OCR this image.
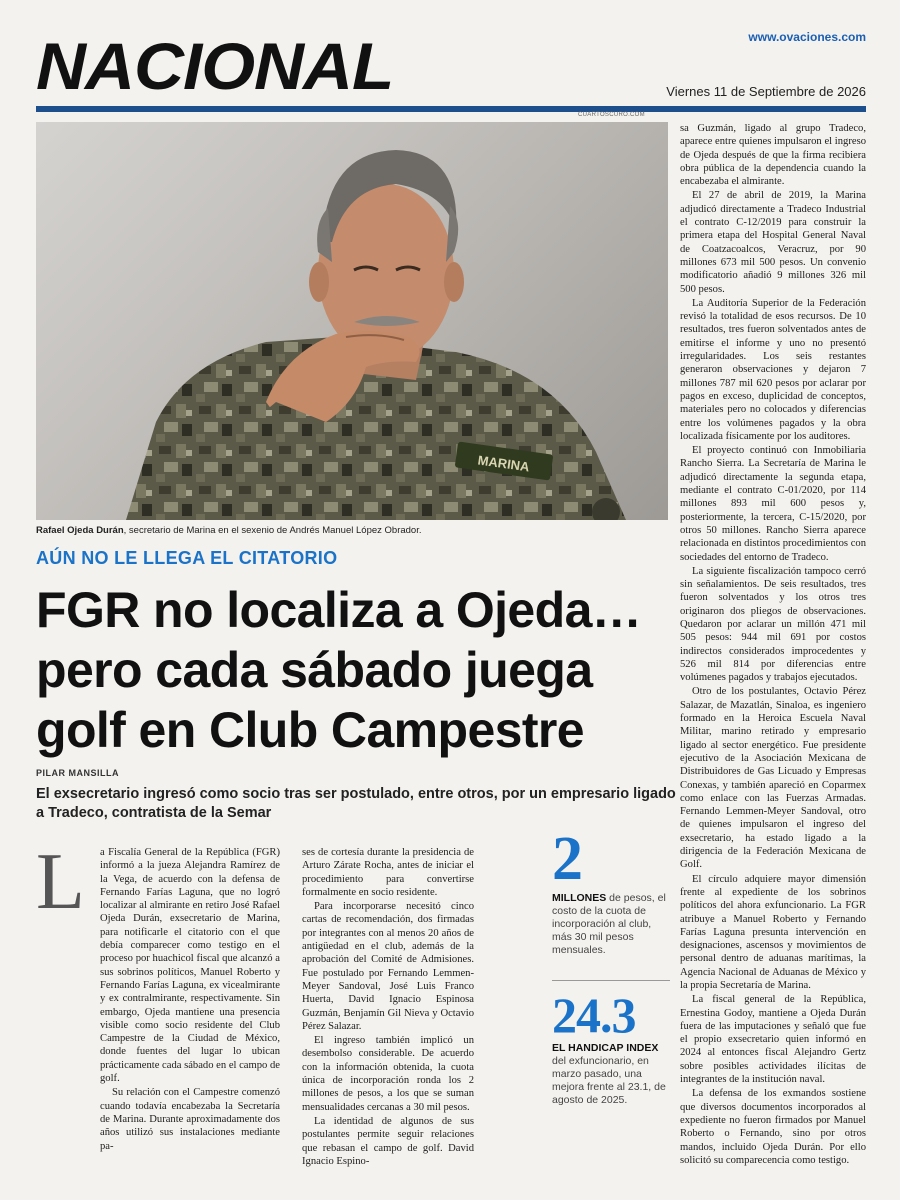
NACIONAL	www.ovaciones.com
Viernes 11 de Septiembre de 2026
CUARTOSCURO.COM
MARINA
Rafael Ojeda Durán, secretario de Marina en el sexenio de Andrés Manuel López Obrador.
AÚN NO LE LLEGA EL CITATORIO
FGR no localiza a Ojeda… pero cada sábado juega golf en Club Campestre
PILAR MANSILLA
El exsecretario ingresó como socio tras ser postulado, entre otros, por un empresario ligado a Tradeco, contratista de la Semar
L a Fiscalía General de la República (FGR) informó a la jueza Alejandra Ramírez de la Vega, de acuerdo con la defensa de Fernando Farías Laguna, que no logró localizar al almirante en retiro José Rafael Ojeda Durán, exsecretario de Marina, para notificarle el citatorio con el que debía comparecer como testigo en el proceso por huachicol fiscal que alcanzó a sus sobrinos políticos, Manuel Roberto y Fernando Farías Laguna, ex vicealmirante y ex contralmirante, respectivamente. Sin embargo, Ojeda mantiene una presencia visible como socio residente del Club Campestre de la Ciudad de México, donde fuentes del lugar lo ubican prácticamente cada sábado en el campo de golf.

Su relación con el Campestre comenzó cuando todavía encabezaba la Secretaría de Marina. Durante aproximadamente dos años utilizó sus instalaciones mediante pa-

ses de cortesía durante la presidencia de Arturo Zárate Rocha, antes de iniciar el procedimiento para convertirse formalmente en socio residente.

Para incorporarse necesitó cinco cartas de recomendación, dos firmadas por integrantes con al menos 20 años de antigüedad en el club, además de la aprobación del Comité de Admisiones. Fue postulado por Fernando Lemmen-Meyer Sandoval, José Luis Franco Huerta, David Ignacio Espinosa Guzmán, Benjamín Gil Nieva y Octavio Pérez Salazar.

El ingreso también implicó un desembolso considerable. De acuerdo con la información obtenida, la cuota única de incorporación ronda los 2 millones de pesos, a los que se suman mensualidades cercanas a 30 mil pesos.

La identidad de algunos de sus postulantes permite seguir relaciones que rebasan el campo de golf. David Ignacio Espino-

sa Guzmán, ligado al grupo Tradeco, aparece entre quienes impulsaron el ingreso de Ojeda después de que la firma recibiera obra pública de la dependencia cuando la encabezaba el almirante.

El 27 de abril de 2019, la Marina adjudicó directamente a Tradeco Industrial el contrato C-12/2019 para construir la primera etapa del Hospital General Naval de Coatzacoalcos, Veracruz, por 90 millones 673 mil 500 pesos. Un convenio modificatorio añadió 9 millones 326 mil 500 pesos.

La Auditoría Superior de la Federación revisó la totalidad de esos recursos. De 10 resultados, tres fueron solventados antes de emitirse el informe y uno no presentó irregularidades. Los seis restantes generaron observaciones y dejaron 7 millones 787 mil 620 pesos por aclarar por pagos en exceso, duplicidad de conceptos, materiales pero no colocados y diferencias entre los volúmenes pagados y la obra localizada físicamente por los auditores.

El proyecto continuó con Inmobiliaria Rancho Sierra. La Secretaría de Marina le adjudicó directamente la segunda etapa, mediante el contrato C-01/2020, por 114 millones 893 mil 600 pesos y, posteriormente, la tercera, C-15/2020, por otros 50 millones. Rancho Sierra aparece relacionada en distintos procedimientos con sociedades del entorno de Tradeco.

La siguiente fiscalización tampoco cerró sin señalamientos. De seis resultados, tres fueron solventados y los otros tres originaron dos pliegos de observaciones. Quedaron por aclarar un millón 471 mil 505 pesos: 944 mil 691 por costos indirectos considerados improcedentes y 526 mil 814 por diferencias entre volúmenes pagados y trabajos ejecutados.

Otro de los postulantes, Octavio Pérez Salazar, de Mazatlán, Sinaloa, es ingeniero formado en la Heroica Escuela Naval Militar, marino retirado y empresario ligado al sector energético. Fue presidente ejecutivo de la Asociación Mexicana de Distribuidores de Gas Licuado y Empresas Conexas, y también apareció en Coparmex como enlace con las Fuerzas Armadas. Fernando Lemmen-Meyer Sandoval, otro de quienes impulsaron el ingreso del exsecretario, ha estado ligado a la dirigencia de la Federación Mexicana de Golf.

El círculo adquiere mayor dimensión frente al expediente de los sobrinos políticos del ahora exfuncionario. La FGR atribuye a Manuel Roberto y Fernando Farías Laguna presunta intervención en designaciones, ascensos y movimientos de personal dentro de aduanas marítimas, la Agencia Nacional de Aduanas de México y la propia Secretaría de Marina.

La fiscal general de la República, Ernestina Godoy, mantiene a Ojeda Durán fuera de las imputaciones y señaló que fue el propio exsecretario quien informó en 2024 al entonces fiscal Alejandro Gertz sobre posibles actividades ilícitas de integrantes de la institución naval.

La defensa de los exmandos sostiene que diversos documentos incorporados al expediente no fueron firmados por Manuel Roberto o Fernando, sino por otros mandos, incluido Ojeda Durán. Por ello solicitó su comparecencia como testigo.

2
MILLONES de pesos, el costo de la cuota de incorporación al club, más 30 mil pesos mensuales.
24.3
EL HANDICAP INDEX del exfuncionario, en marzo pasado, una mejora frente al 23.1, de agosto de 2025.
